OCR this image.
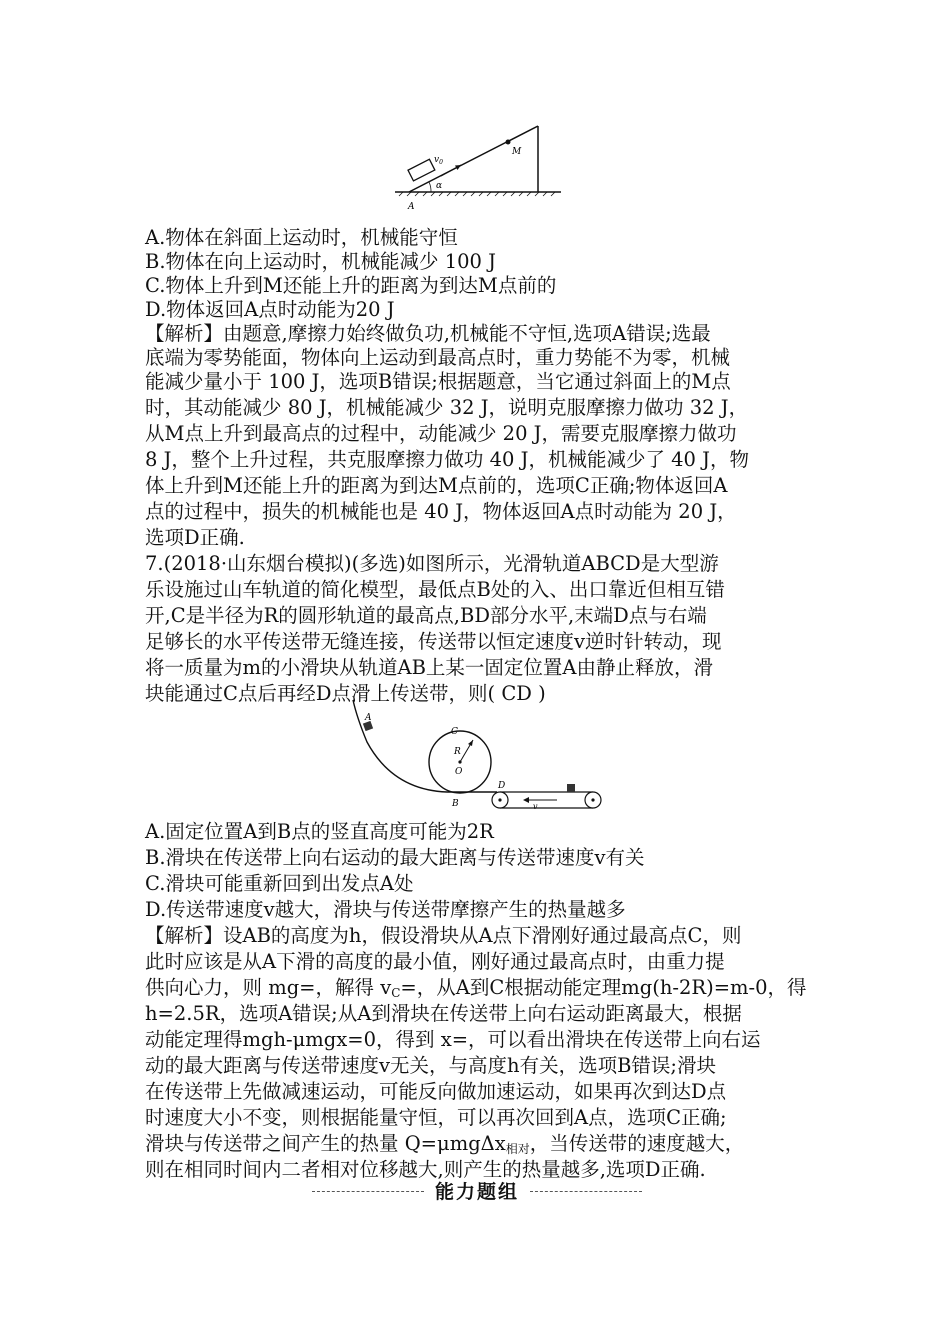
$v_0$
M
α
A
A.物体在斜面上运动时，机械能守恒
B.物体在向上运动时，机械能减少 100 J
C.物体上升到M还能上升的距离为到达M点前的
D.物体返回A点时动能为20 J
【解析】由题意,摩擦力始终做负功,机械能不守恒,选项A错误;选最
底端为零势能面，物体向上运动到最高点时，重力势能不为零，机械
能减少量小于 100 J，选项B错误;根据题意，当它通过斜面上的M点
时，其动能减少 80 J，机械能减少 32 J，说明克服摩擦力做功 32 J，
从M点上升到最高点的过程中，动能减少 20 J，需要克服摩擦力做功
8 J，整个上升过程，共克服摩擦力做功 40 J，机械能减少了 40 J，物
体上升到M还能上升的距离为到达M点前的，选项C正确;物体返回A
点的过程中，损失的机械能也是 40 J，物体返回A点时动能为 20 J，
选项D正确.
7.(2018·山东烟台模拟)(多选)如图所示，光滑轨道ABCD是大型游
乐设施过山车轨道的简化模型，最低点B处的入、出口靠近但相互错
开,C是半径为R的圆形轨道的最高点,BD部分水平,末端D点与右端
足够长的水平传送带无缝连接，传送带以恒定速度v逆时针转动，现
将一质量为m的小滑块从轨道AB上某一固定位置A由静止释放，滑
块能通过C点后再经D点滑上传送带，则( CD )
A
C
R
O
B
D
v
A.固定位置A到B点的竖直高度可能为2R
B.滑块在传送带上向右运动的最大距离与传送带速度v有关
C.滑块可能重新回到出发点A处
D.传送带速度v越大，滑块与传送带摩擦产生的热量越多
【解析】设AB的高度为h，假设滑块从A点下滑刚好通过最高点C，则
此时应该是从A下滑的高度的最小值，刚好通过最高点时，由重力提
供向心力，则 mg=，解得 $v_C=$，从A到C根据动能定理mg(h-2R)=m-0，得
h=2.5R，选项A错误;从A到滑块在传送带上向右运动距离最大，根据
动能定理得mgh-μmgx=0，得到 x=，可以看出滑块在传送带上向右运
动的最大距离与传送带速度v无关，与高度h有关，选项B错误;滑块
在传送带上先做减速运动，可能反向做加速运动，如果再次到达D点
时速度大小不变，则根据能量守恒，可以再次回到A点，选项C正确;
滑块与传送带之间产生的热量 Q=μmgΔx$_{相对}$，当传送带的速度越大，
则在相同时间内二者相对位移越大,则产生的热量越多,选项D正确.
能力题组
